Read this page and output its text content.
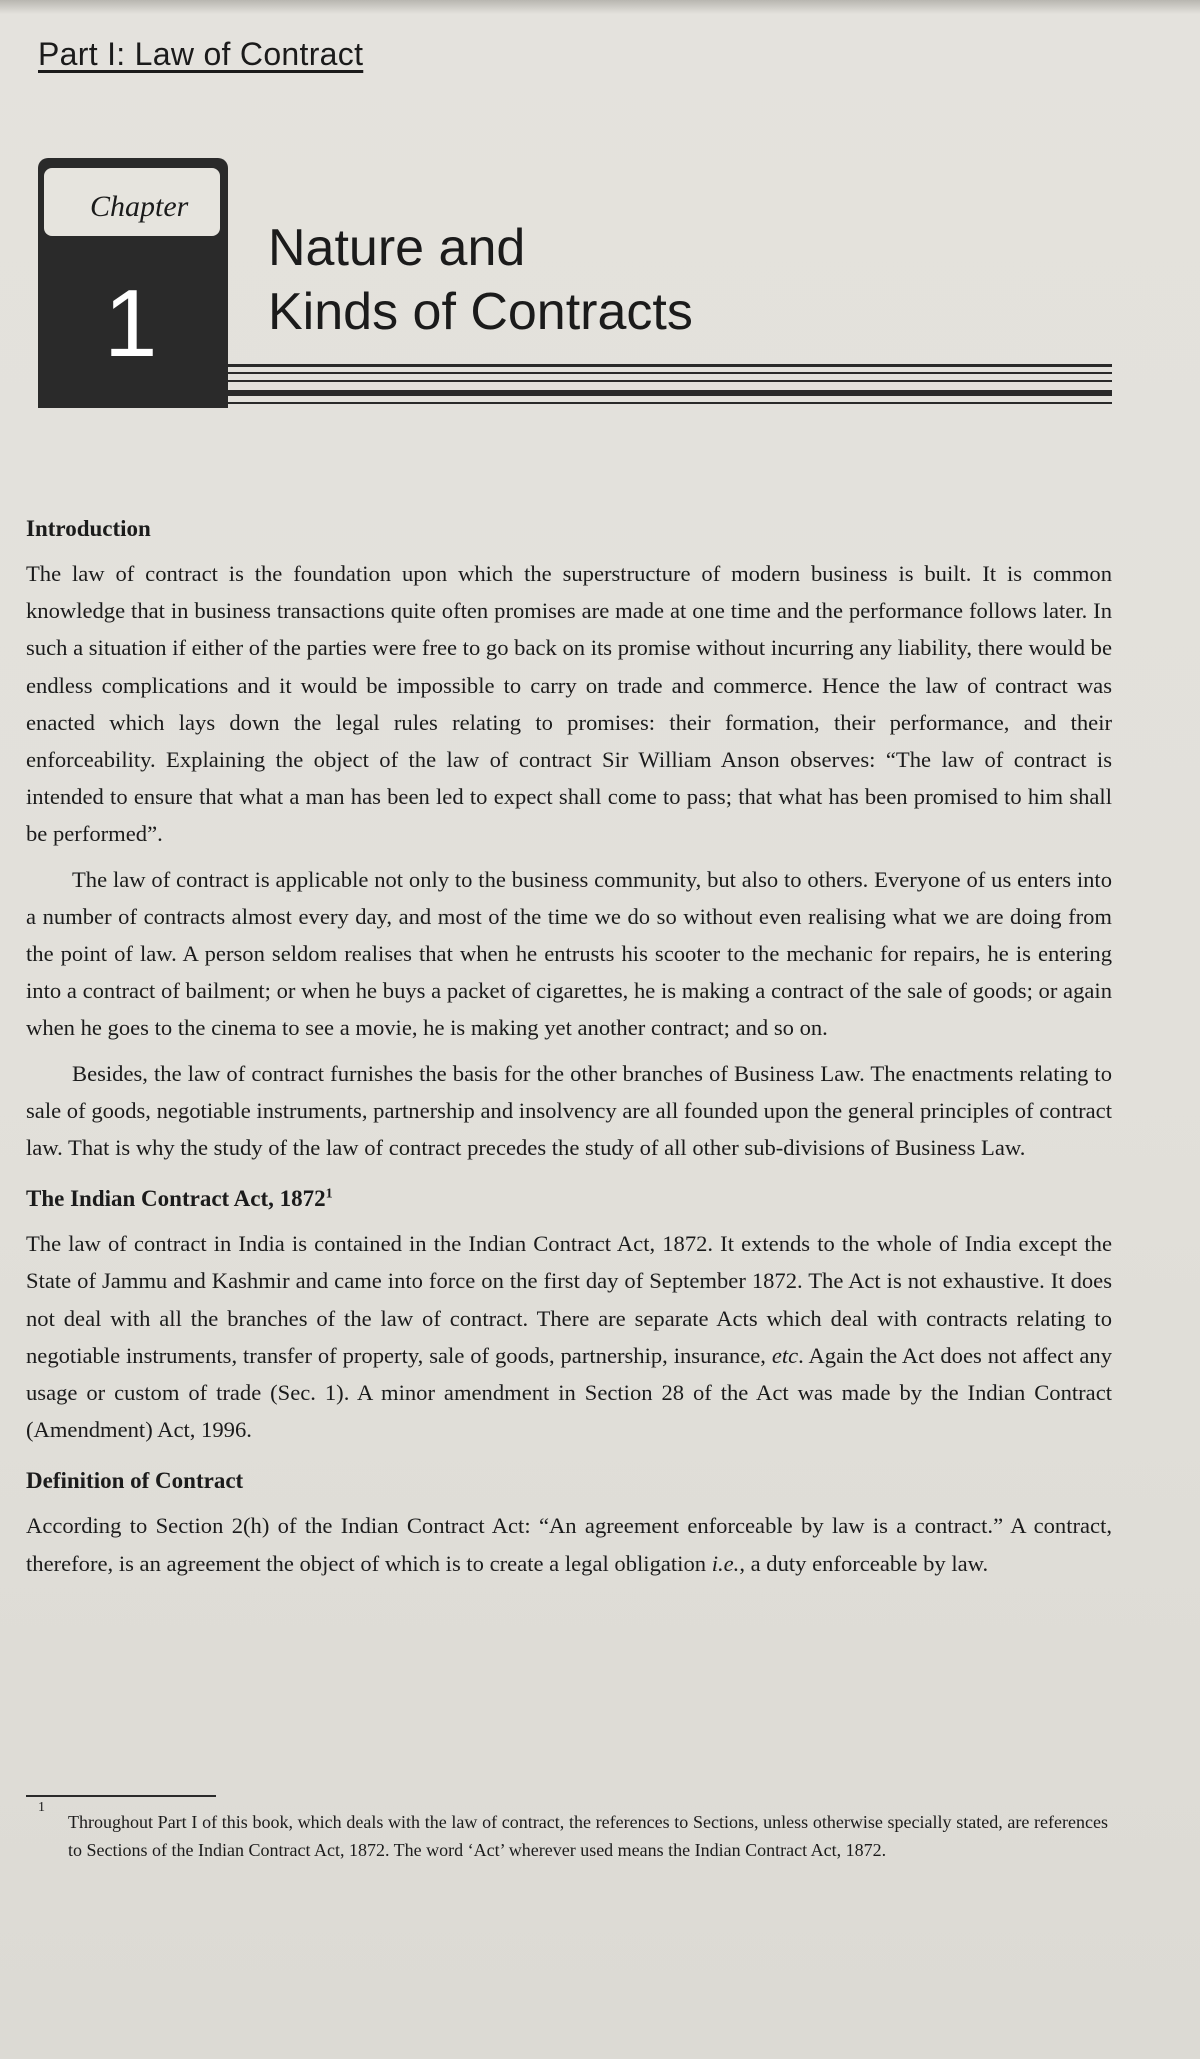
Part I: Law of Contract
Chapter
1
Nature and
Kinds of Contracts
Introduction

The law of contract is the foundation upon which the superstructure of modern business is built. It is common knowledge that in business transactions quite often promises are made at one time and the performance follows later. In such a situation if either of the parties were free to go back on its promise without incurring any liability, there would be endless complications and it would be impossible to carry on trade and commerce. Hence the law of contract was enacted which lays down the legal rules relating to promises: their formation, their performance, and their enforceability. Explaining the object of the law of contract Sir William Anson observes: “The law of contract is intended to ensure that what a man has been led to expect shall come to pass; that what has been promised to him shall be performed”.

The law of contract is applicable not only to the business community, but also to others. Everyone of us enters into a number of contracts almost every day, and most of the time we do so without even realising what we are doing from the point of law. A person seldom realises that when he entrusts his scooter to the mechanic for repairs, he is entering into a contract of bailment; or when he buys a packet of cigarettes, he is making a contract of the sale of goods; or again when he goes to the cinema to see a movie, he is making yet another contract; and so on.

Besides, the law of contract furnishes the basis for the other branches of Business Law. The enactments relating to sale of goods, negotiable instruments, partnership and insolvency are all founded upon the general principles of contract law. That is why the study of the law of contract precedes the study of all other sub-divisions of Business Law.

The Indian Contract Act, 1872$^1$

The law of contract in India is contained in the Indian Contract Act, 1872. It extends to the whole of India except the State of Jammu and Kashmir and came into force on the first day of September 1872. The Act is not exhaustive. It does not deal with all the branches of the law of contract. There are separate Acts which deal with contracts relating to negotiable instruments, transfer of property, sale of goods, partnership, insurance, etc. Again the Act does not affect any usage or custom of trade (Sec. 1). A minor amendment in Section 28 of the Act was made by the Indian Contract (Amendment) Act, 1996.

Definition of Contract

According to Section 2(h) of the Indian Contract Act: “An agreement enforceable by law is a contract.” A contract, therefore, is an agreement the object of which is to create a legal obligation i.e., a duty enforceable by law.

$^1$Throughout Part I of this book, which deals with the law of contract, the references to Sections, unless otherwise specially stated, are references to Sections of the Indian Contract Act, 1872. The word ‘Act’ wherever used means the Indian Contract Act, 1872.
